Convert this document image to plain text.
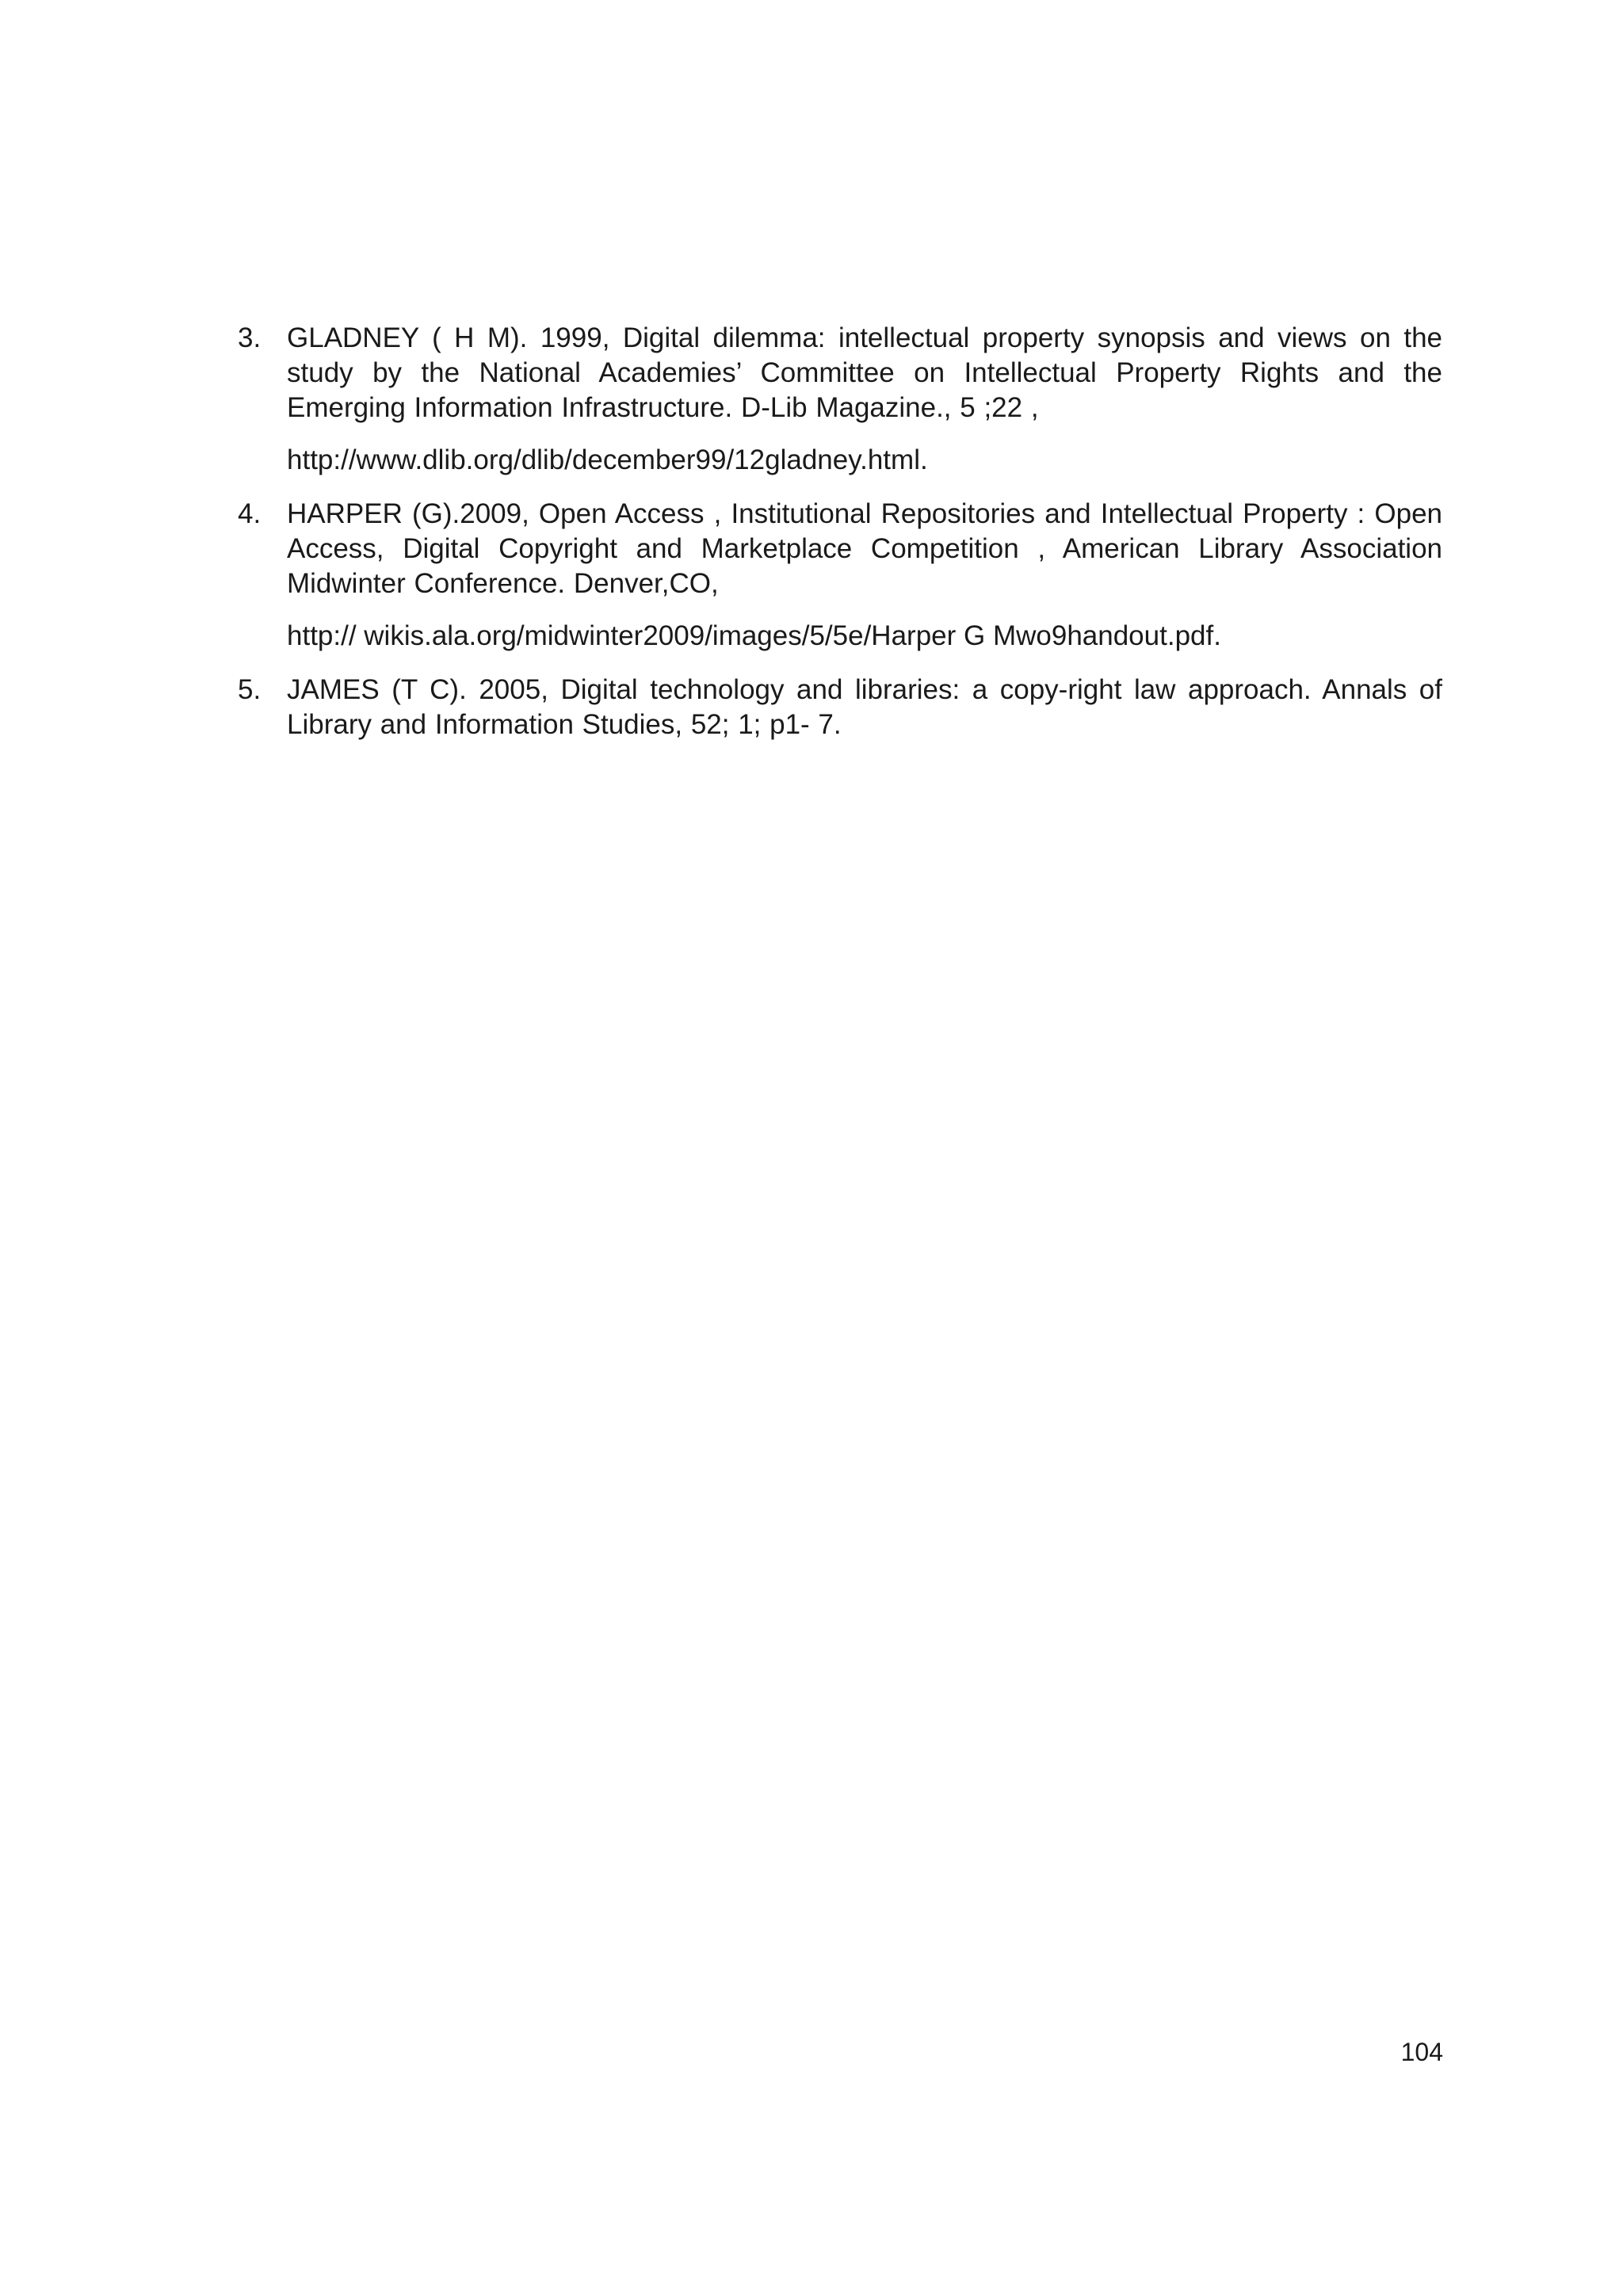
3. GLADNEY ( H M). 1999, Digital dilemma: intellectual property synopsis and views on the study by the National Academies’ Committee on Intellectual Property Rights and the Emerging Information Infrastructure. D-Lib Magazine., 5 ;22 ,
http://www.dlib.org/dlib/december99/12gladney.html.
4. HARPER (G).2009, Open Access , Institutional Repositories and Intellectual Property : Open Access, Digital Copyright and Marketplace Competition , American Library Association Midwinter Conference. Denver,CO,
http:// wikis.ala.org/midwinter2009/images/5/5e/Harper G Mwo9handout.pdf.
5. JAMES (T C). 2005, Digital technology and libraries: a copy-right law approach. Annals of Library and Information Studies, 52; 1; p1- 7.
104
